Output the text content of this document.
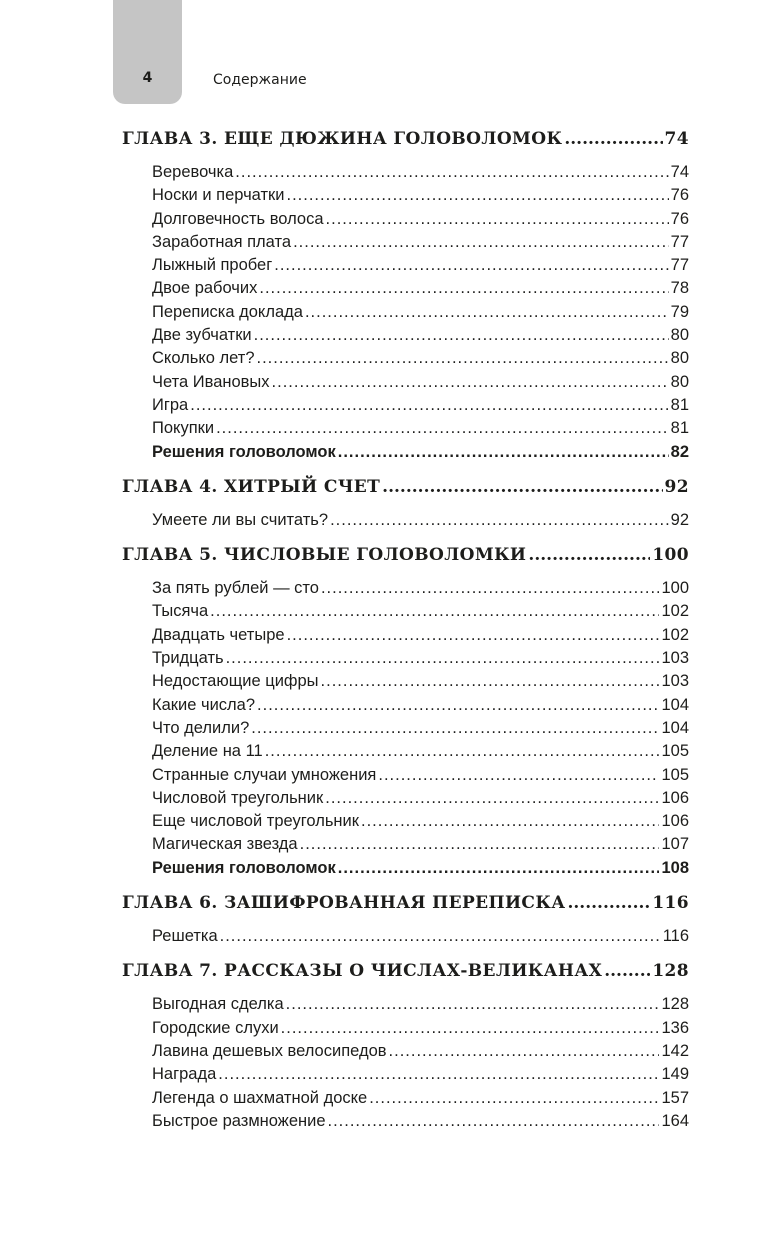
4	Содержание
ГЛАВА 3. ЕЩЕ ДЮЖИНА ГОЛОВОЛОМОК .....	74
Веревочка .....	74
Носки и перчатки .....	76
Долговечность волоса .....	76
Заработная плата .....	77
Лыжный пробег .....	77
Двое рабочих .....	78
Переписка доклада .....	79
Две зубчатки .....	80
Сколько лет? .....	80
Чета Ивановых .....	80
Игра .....	81
Покупки .....	81
Решения головоломок .....	82
ГЛАВА 4. ХИТРЫЙ СЧЕТ .....	92
Умеете ли вы считать? .....	92
ГЛАВА 5. ЧИСЛОВЫЕ ГОЛОВОЛОМКИ .....	100
За пять рублей — сто .....	100
Тысяча .....	102
Двадцать четыре .....	102
Тридцать .....	103
Недостающие цифры .....	103
Какие числа? .....	104
Что делили? .....	104
Деление на 11 .....	105
Странные случаи умножения .....	105
Числовой треугольник .....	106
Еще числовой треугольник .....	106
Магическая звезда .....	107
Решения головоломок .....	108
ГЛАВА 6. ЗАШИФРОВАННАЯ ПЕРЕПИСКА .....	116
Решетка .....	116
ГЛАВА 7. РАССКАЗЫ О ЧИСЛАХ-ВЕЛИКАНАХ .....	128
Выгодная сделка .....	128
Городские слухи .....	136
Лавина дешевых велосипедов .....	142
Награда .....	149
Легенда о шахматной доске .....	157
Быстрое размножение .....	164
